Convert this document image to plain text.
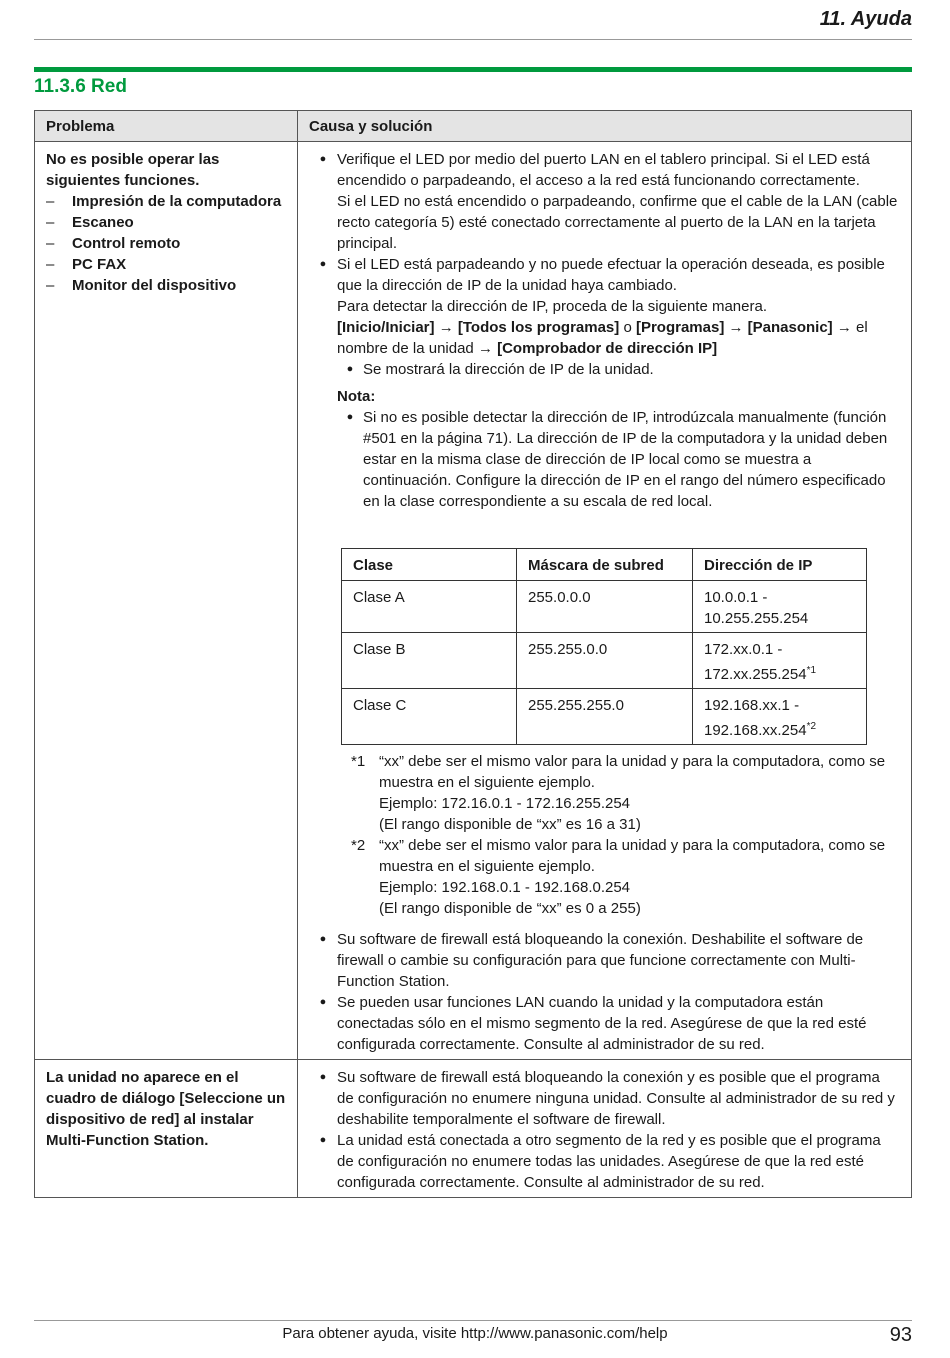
11. Ayuda
11.3.6 Red
Problema	Causa y solución

No es posible operar las siguientes funciones.
–	Impresión de la computadora
–	Escaneo
–	Control remoto
–	PC FAX
–	Monitor del dispositivo

● Verifique el LED por medio del puerto LAN en el tablero principal. Si el LED está encendido o parpadeando, el acceso a la red está funcionando correctamente.
Si el LED no está encendido o parpadeando, confirme que el cable de la LAN (cable recto categoría 5) esté conectado correctamente al puerto de la LAN en la tarjeta principal.
● Si el LED está parpadeando y no puede efectuar la operación deseada, es posible que la dirección de IP de la unidad haya cambiado.
Para detectar la dirección de IP, proceda de la siguiente manera.
[Inicio/Iniciar] → [Todos los programas] o [Programas] → [Panasonic] → el nombre de la unidad → [Comprobador de dirección IP]
● Se mostrará la dirección de IP de la unidad.
Nota:
● Si no es posible detectar la dirección de IP, introdúzcala manualmente (función #501 en la página 71). La dirección de IP de la computadora y la unidad deben estar en la misma clase de dirección de IP local como se muestra a continuación. Configure la dirección de IP en el rango del número especificado en la clase correspondiente a su escala de red local.
Clase	Máscara de subred	Dirección de IP
Clase A	255.0.0.0	10.0.0.1 -
10.255.255.254
Clase B	255.255.0.0	172.xx.0.1 -
172.xx.255.254$^{*1}$
Clase C	255.255.255.0	192.168.xx.1 -
192.168.xx.254$^{*2}$
*1 “xx” debe ser el mismo valor para la unidad y para la computadora, como se muestra en el siguiente ejemplo.
Ejemplo: 172.16.0.1 - 172.16.255.254
(El rango disponible de “xx” es 16 a 31)
*2 “xx” debe ser el mismo valor para la unidad y para la computadora, como se muestra en el siguiente ejemplo.
Ejemplo: 192.168.0.1 - 192.168.0.254
(El rango disponible de “xx” es 0 a 255)
● Su software de firewall está bloqueando la conexión. Deshabilite el software de firewall o cambie su configuración para que funcione correctamente con Multi-Function Station.
● Se pueden usar funciones LAN cuando la unidad y la computadora están conectadas sólo en el mismo segmento de la red. Asegúrese de que la red esté configurada correctamente. Consulte al administrador de su red.

La unidad no aparece en el cuadro de diálogo [Seleccione un dispositivo de red] al instalar Multi-Function Station.

● Su software de firewall está bloqueando la conexión y es posible que el programa de configuración no enumere ninguna unidad. Consulte al administrador de su red y deshabilite temporalmente el software de firewall.
● La unidad está conectada a otro segmento de la red y es posible que el programa de configuración no enumere todas las unidades. Asegúrese de que la red esté configurada correctamente. Consulte al administrador de su red.
Para obtener ayuda, visite http://www.panasonic.com/help	93
